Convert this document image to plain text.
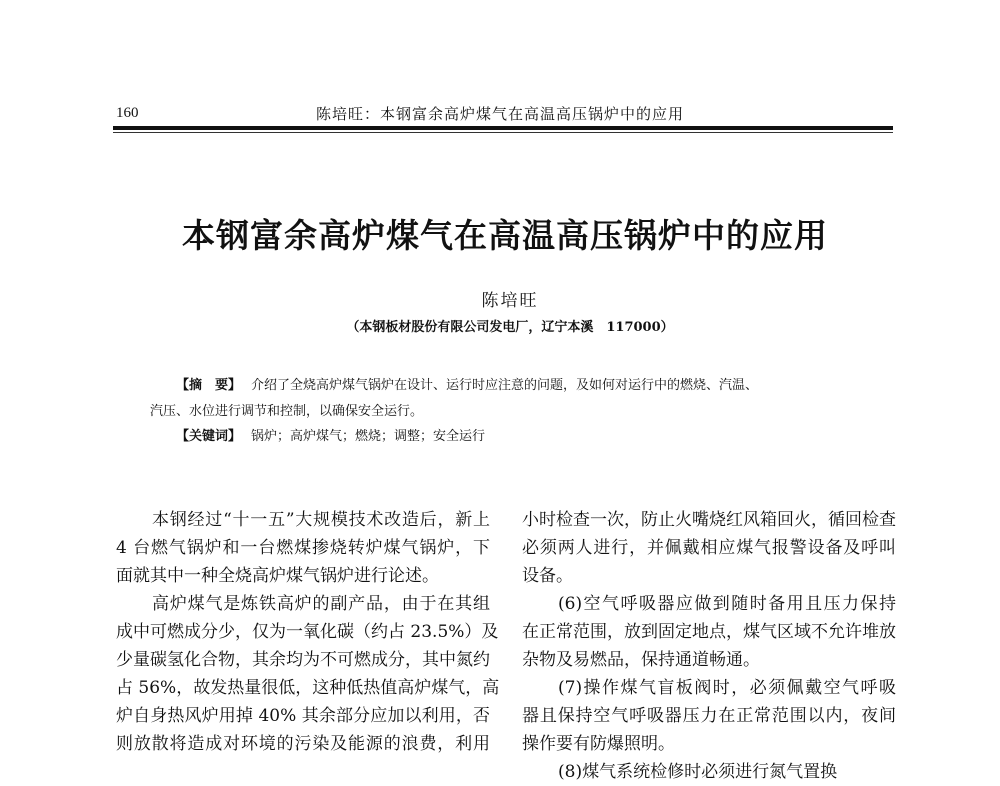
160	陈培旺：本钢富余高炉煤气在高温高压锅炉中的应用
本钢富余高炉煤气在高温高压锅炉中的应用
陈培旺
（本钢板材股份有限公司发电厂，辽宁本溪　117000）
【摘　要】 介绍了全烧高炉煤气锅炉在设计、运行时应注意的问题，及如何对运行中的燃烧、汽温、
汽压、水位进行调节和控制，以确保安全运行。
【关键词】 锅炉；高炉煤气；燃烧；调整；安全运行
本钢经过“十一五”大规模技术改造后，新上
4 台燃气锅炉和一台燃煤掺烧转炉煤气锅炉，下
面就其中一种全烧高炉煤气锅炉进行论述。
高炉煤气是炼铁高炉的副产品，由于在其组
成中可燃成分少，仅为一氧化碳（约占 23.5%）及
少量碳氢化合物，其余均为不可燃成分，其中氮约
占 56%，故发热量很低，这种低热值高炉煤气，高
炉自身热风炉用掉 40% 其余部分应加以利用，否
则放散将造成对环境的污染及能源的浪费，利用
小时检查一次，防止火嘴烧红风箱回火，循回检查
必须两人进行，并佩戴相应煤气报警设备及呼叫
设备。
(6)空气呼吸器应做到随时备用且压力保持
在正常范围，放到固定地点，煤气区域不允许堆放
杂物及易燃品，保持通道畅通。
(7)操作煤气盲板阀时，必须佩戴空气呼吸
器且保持空气呼吸器压力在正常范围以内，夜间
操作要有防爆照明。
(8)煤气系统检修时必须进行氮气置换
